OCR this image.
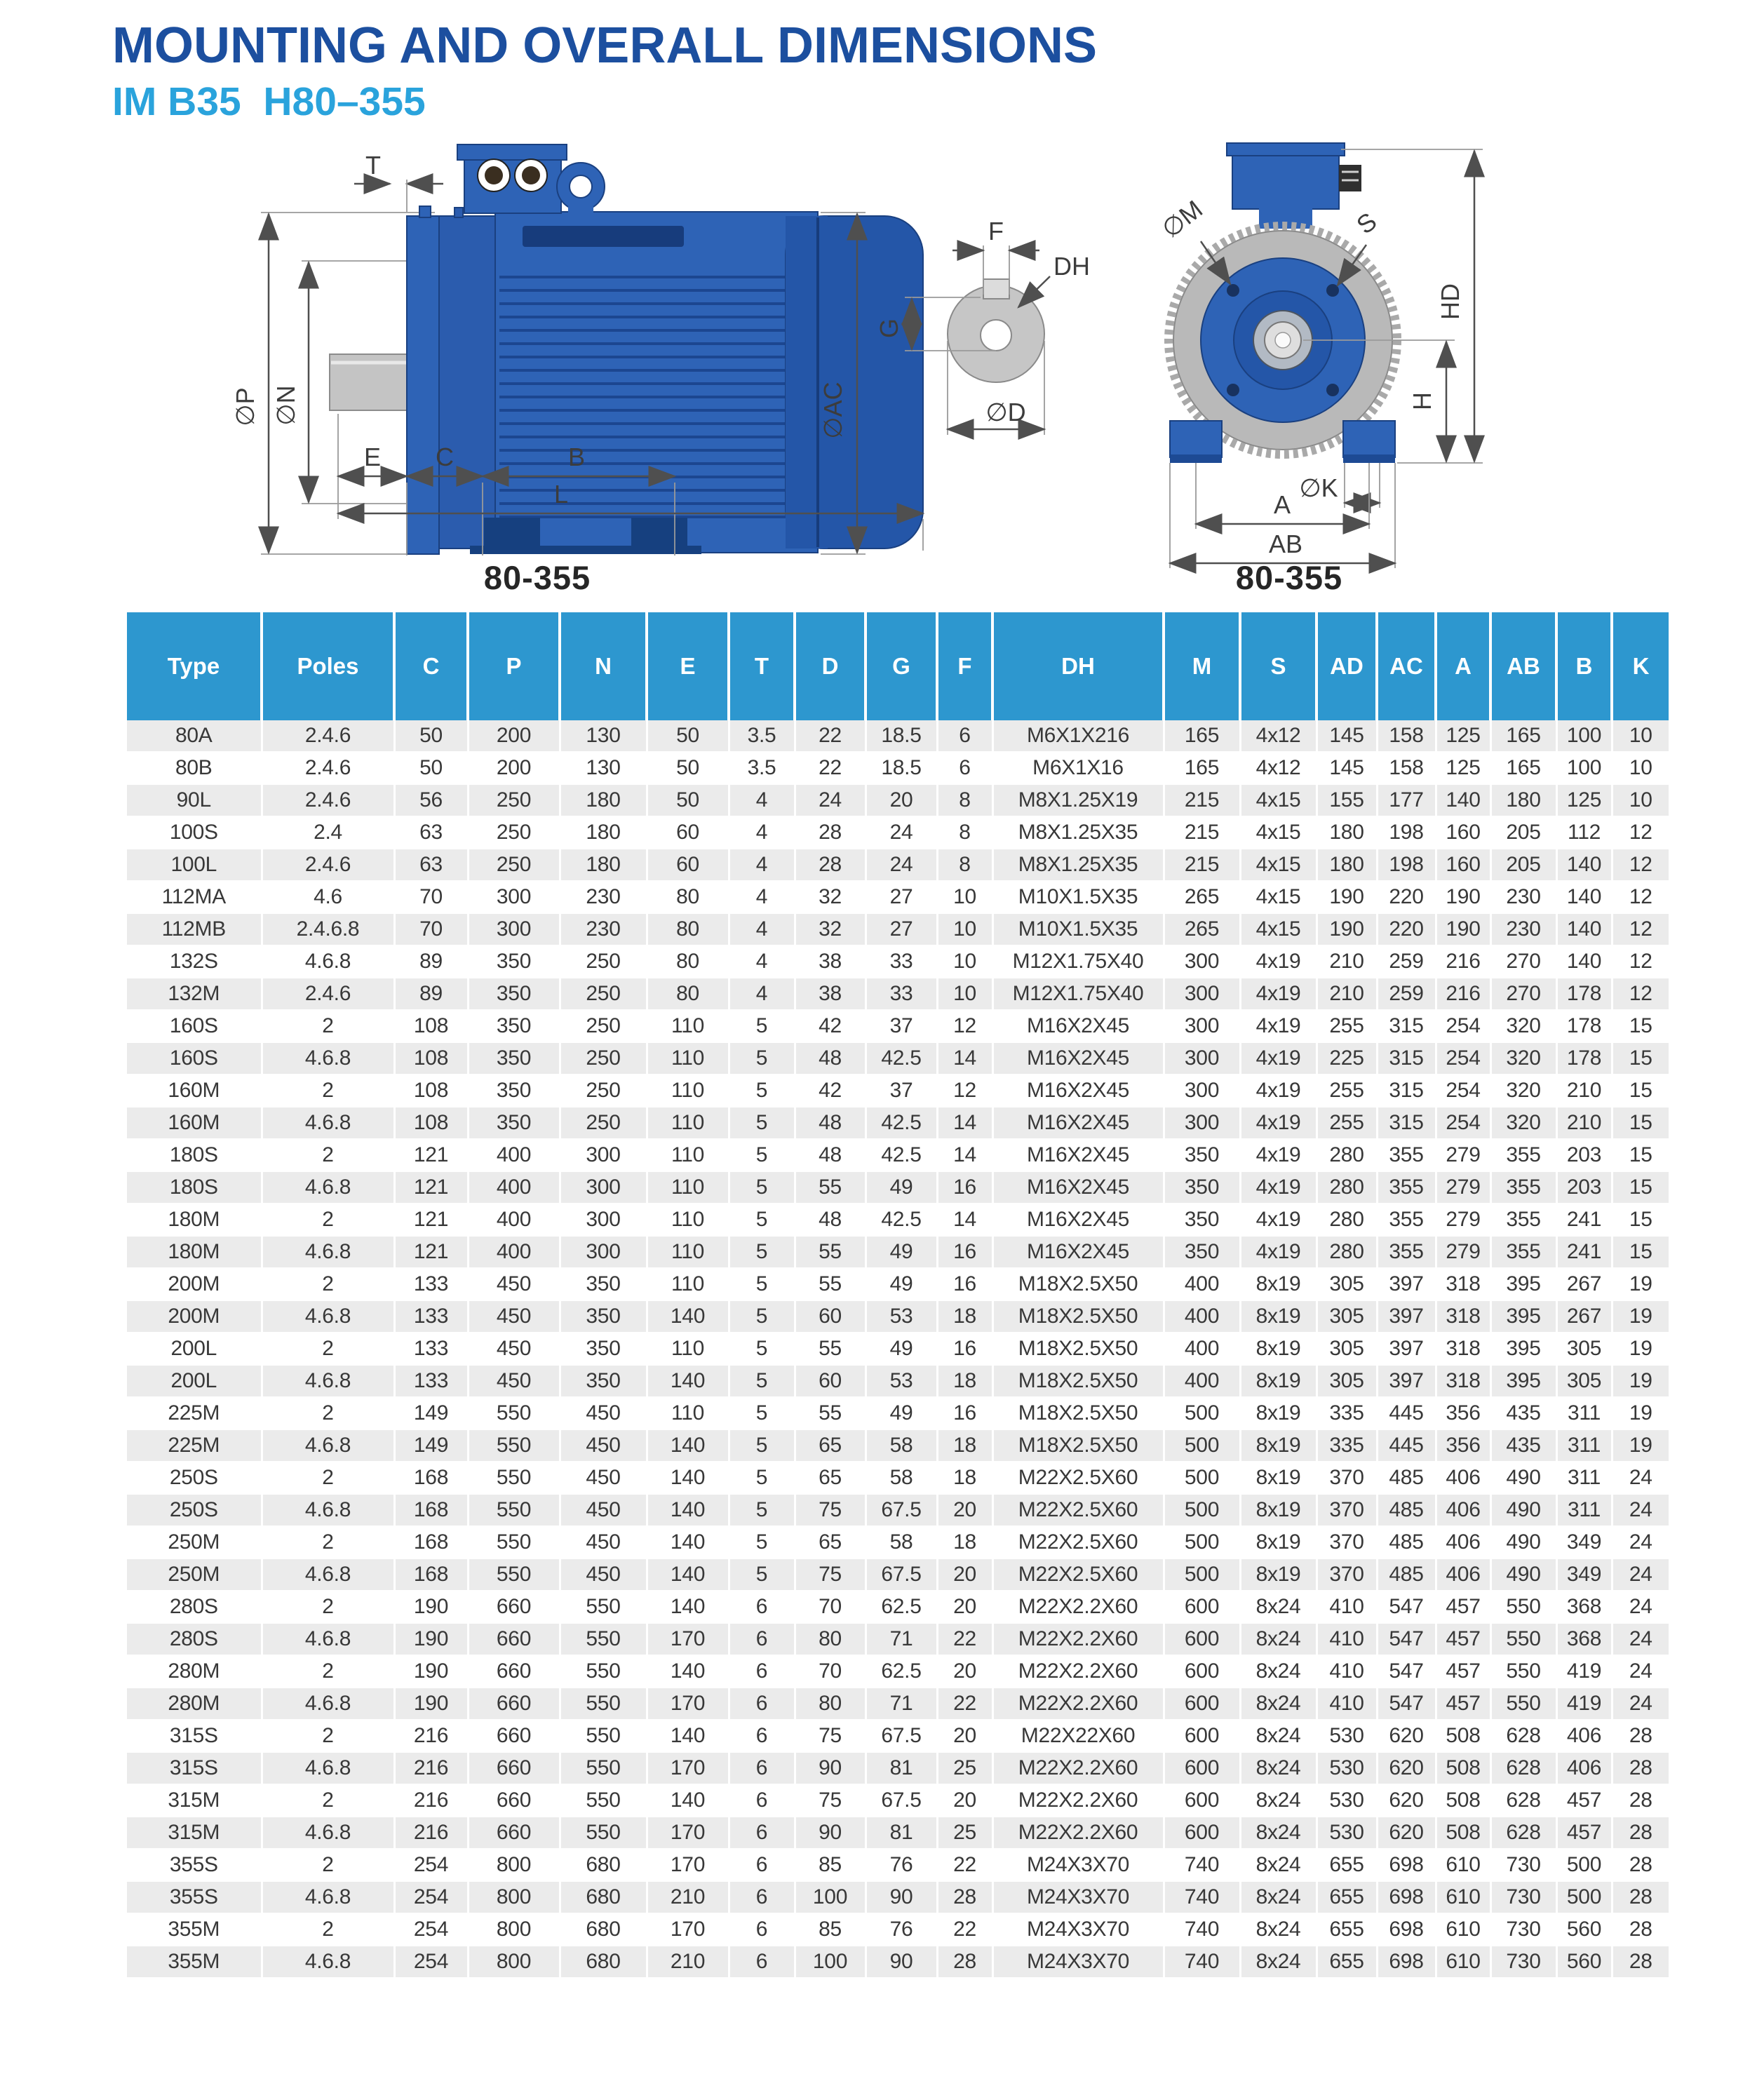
MOUNTING AND OVERALL DIMENSIONS
IM B35  H80–355
∅P ∅N
T
∅AC
E C	B
L
DH
F
G
∅D
∅M	S
HD
H
∅K
A
AB
80-355	80-355
Type	Poles	C	P	N	E	T	D	G	F	DH	M	S	AD	AC	A	AB	B	K
80A	2.4.6	50	200	130	50	3.5	22	18.5	6	M6X1X216	165	4x12	145	158	125	165	100	10
80B	2.4.6	50	200	130	50	3.5	22	18.5	6	M6X1X16	165	4x12	145	158	125	165	100	10
90L	2.4.6	56	250	180	50	4	24	20	8	M8X1.25X19	215	4x15	155	177	140	180	125	10
100S	2.4	63	250	180	60	4	28	24	8	M8X1.25X35	215	4x15	180	198	160	205	112	12
100L	2.4.6	63	250	180	60	4	28	24	8	M8X1.25X35	215	4x15	180	198	160	205	140	12
112MA	4.6	70	300	230	80	4	32	27	10	M10X1.5X35	265	4x15	190	220	190	230	140	12
112MB	2.4.6.8	70	300	230	80	4	32	27	10	M10X1.5X35	265	4x15	190	220	190	230	140	12
132S	4.6.8	89	350	250	80	4	38	33	10	M12X1.75X40	300	4x19	210	259	216	270	140	12
132M	2.4.6	89	350	250	80	4	38	33	10	M12X1.75X40	300	4x19	210	259	216	270	178	12
160S	2	108	350	250	110	5	42	37	12	M16X2X45	300	4x19	255	315	254	320	178	15
160S	4.6.8	108	350	250	110	5	48	42.5	14	M16X2X45	300	4x19	225	315	254	320	178	15
160M	2	108	350	250	110	5	42	37	12	M16X2X45	300	4x19	255	315	254	320	210	15
160M	4.6.8	108	350	250	110	5	48	42.5	14	M16X2X45	300	4x19	255	315	254	320	210	15
180S	2	121	400	300	110	5	48	42.5	14	M16X2X45	350	4x19	280	355	279	355	203	15
180S	4.6.8	121	400	300	110	5	55	49	16	M16X2X45	350	4x19	280	355	279	355	203	15
180M	2	121	400	300	110	5	48	42.5	14	M16X2X45	350	4x19	280	355	279	355	241	15
180M	4.6.8	121	400	300	110	5	55	49	16	M16X2X45	350	4x19	280	355	279	355	241	15
200M	2	133	450	350	110	5	55	49	16	M18X2.5X50	400	8x19	305	397	318	395	267	19
200M	4.6.8	133	450	350	140	5	60	53	18	M18X2.5X50	400	8x19	305	397	318	395	267	19
200L	2	133	450	350	110	5	55	49	16	M18X2.5X50	400	8x19	305	397	318	395	305	19
200L	4.6.8	133	450	350	140	5	60	53	18	M18X2.5X50	400	8x19	305	397	318	395	305	19
225M	2	149	550	450	110	5	55	49	16	M18X2.5X50	500	8x19	335	445	356	435	311	19
225M	4.6.8	149	550	450	140	5	65	58	18	M18X2.5X50	500	8x19	335	445	356	435	311	19
250S	2	168	550	450	140	5	65	58	18	M22X2.5X60	500	8x19	370	485	406	490	311	24
250S	4.6.8	168	550	450	140	5	75	67.5	20	M22X2.5X60	500	8x19	370	485	406	490	311	24
250M	2	168	550	450	140	5	65	58	18	M22X2.5X60	500	8x19	370	485	406	490	349	24
250M	4.6.8	168	550	450	140	5	75	67.5	20	M22X2.5X60	500	8x19	370	485	406	490	349	24
280S	2	190	660	550	140	6	70	62.5	20	M22X2.2X60	600	8x24	410	547	457	550	368	24
280S	4.6.8	190	660	550	170	6	80	71	22	M22X2.2X60	600	8x24	410	547	457	550	368	24
280M	2	190	660	550	140	6	70	62.5	20	M22X2.2X60	600	8x24	410	547	457	550	419	24
280M	4.6.8	190	660	550	170	6	80	71	22	M22X2.2X60	600	8x24	410	547	457	550	419	24
315S	2	216	660	550	140	6	75	67.5	20	M22X22X60	600	8x24	530	620	508	628	406	28
315S	4.6.8	216	660	550	170	6	90	81	25	M22X2.2X60	600	8x24	530	620	508	628	406	28
315M	2	216	660	550	140	6	75	67.5	20	M22X2.2X60	600	8x24	530	620	508	628	457	28
315M	4.6.8	216	660	550	170	6	90	81	25	M22X2.2X60	600	8x24	530	620	508	628	457	28
355S	2	254	800	680	170	6	85	76	22	M24X3X70	740	8x24	655	698	610	730	500	28
355S	4.6.8	254	800	680	210	6	100	90	28	M24X3X70	740	8x24	655	698	610	730	500	28
355M	2	254	800	680	170	6	85	76	22	M24X3X70	740	8x24	655	698	610	730	560	28
355M	4.6.8	254	800	680	210	6	100	90	28	M24X3X70	740	8x24	655	698	610	730	560	28
